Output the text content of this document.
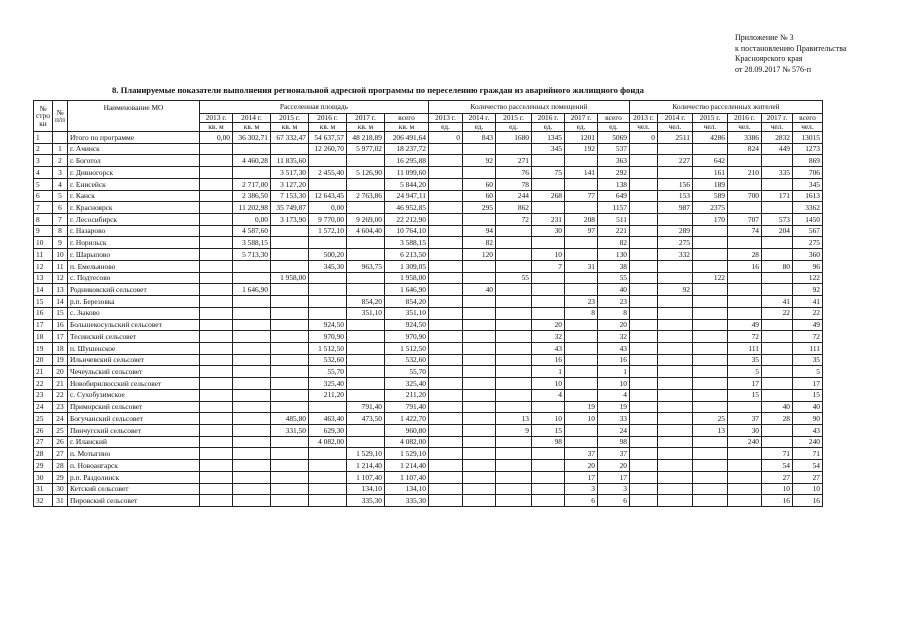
Приложение № 3
к постановлению Правительства
Красноярского края
от 28.09.2017 № 576-п
8. Планируемые показатели выполнения региональной адресной программы по переселению граждан из аварийного жилищного фонда
№
стро
ки	№
п/п	Наименование МО	Расселенная площадь						Количество расселенных помещений						Количество расселенных жителей					
			2013 г.	2014 г.	2015 г.	2016 г.	2017 г.	всего	2013 г.	2014 г.	2015 г.	2016 г.	2017 г.	всего	2013 г.	2014 г.	2015 г.	2016 г.	2017 г.	всего
			кв. м	кв. м	кв. м	кв. м	кв. м	кв. м	ед.	ед.	ед.	ед.	ед.	ед.	чел.	чел.	чел.	чел.	чел.	чел.
1		Итого по программе	0,00	36 302,71	67 332,47	54 637,57	48 218,89	206 491,64	0	843	1680	1345	1201	5069	0	2511	4286	3386	2832	13015
2	1	г. Ачинск				12 260,70	5 977,02	18 237,72				345	192	537				824	449	1273
3	2	г. Боготол		4 460,28	11 835,60			16 295,88		92	271			363		227	642			869
4	3	г. Дивногорск			3 517,30	2 455,40	5 126,90	11 099,60			76	75	141	292			161	210	335	706
5	4	г. Енисейск		2 717,00	3 127,20			5 844,20		60	78			138		156	189			345
6	5	г. Канск		2 386,50	7 153,30	12 643,45	2 763,86	24 947,11		60	244	268	77	649		153	589	700	171	1613
7	6	г. Красноярск		11 202,98	35 749,87	0,00		46 952,85		295	862			1157		987	2375			3362
8	7	г. Лесосибирск		0,00	3 173,90	9 770,00	9 269,00	22 212,90			72	231	208	511			170	707	573	1450
9	8	г. Назарово		4 587,60		1 572,10	4 604,40	10 764,10		94		30	97	221		289		74	204	567
10	9	г. Норильск		3 588,15				3 588,15		82				82		275				275
11	10	г. Шарыпово		5 713,30		500,20		6 213,50		120		10		130		332		28		360
12	11	п. Емельяново				345,30	963,75	1 309,05				7	31	38				16	80	96
13	12	с. Подтесово			1 958,00			1 958,00			55			55			122			122
14	13	Родниковский сельсовет		1 646,90				1 646,90		40				40		92				92
15	14	р.п. Березовка					854,20	854,20					23	23					41	41
16	15	с. Зыково					351,10	351,10					8	8					22	22
17	16	Большекосульский сельсовет				924,50		924,50				20		20				49		49
18	17	Тесинский сельсовет				970,90		970,90				32		32				72		72
19	18	п. Шушенское				1 512,50		1 512,50				43		43				111		111
20	19	Ильичевский сельсовет				532,60		532,60				16		16				35		35
21	20	Чечеульский сельсовет				55,70		55,70				1		1				5		5
22	21	Новобирилюсский сельсовет				325,40		325,40				10		10				17		17
23	22	с. Сухобузимское				211,20		211,20				4		4				15		15
24	23	Приморский сельсовет					791,40	791,40					19	19					40	40
25	24	Богучанский сельсовет			485,80	463,40	473,50	1 422,70			13	10	10	33			25	37	28	90
26	25	Пинчугский сельсовет			331,50	629,30		960,80			9	15		24			13	30		43
27	26	г. Иланский				4 082,00		4 082,00				98		98				240		240
28	27	п. Мотыгино					1 529,10	1 529,10					37	37					71	71
29	28	п. Новоангарск					1 214,40	1 214,40					20	20					54	54
30	29	р.п. Раздолинск					1 107,40	1 107,40					17	17					27	27
31	30	Кетский сельсовет					134,10	134,10					3	3					10	10
32	31	Пировский сельсовет					335,30	335,30					6	6					16	16
